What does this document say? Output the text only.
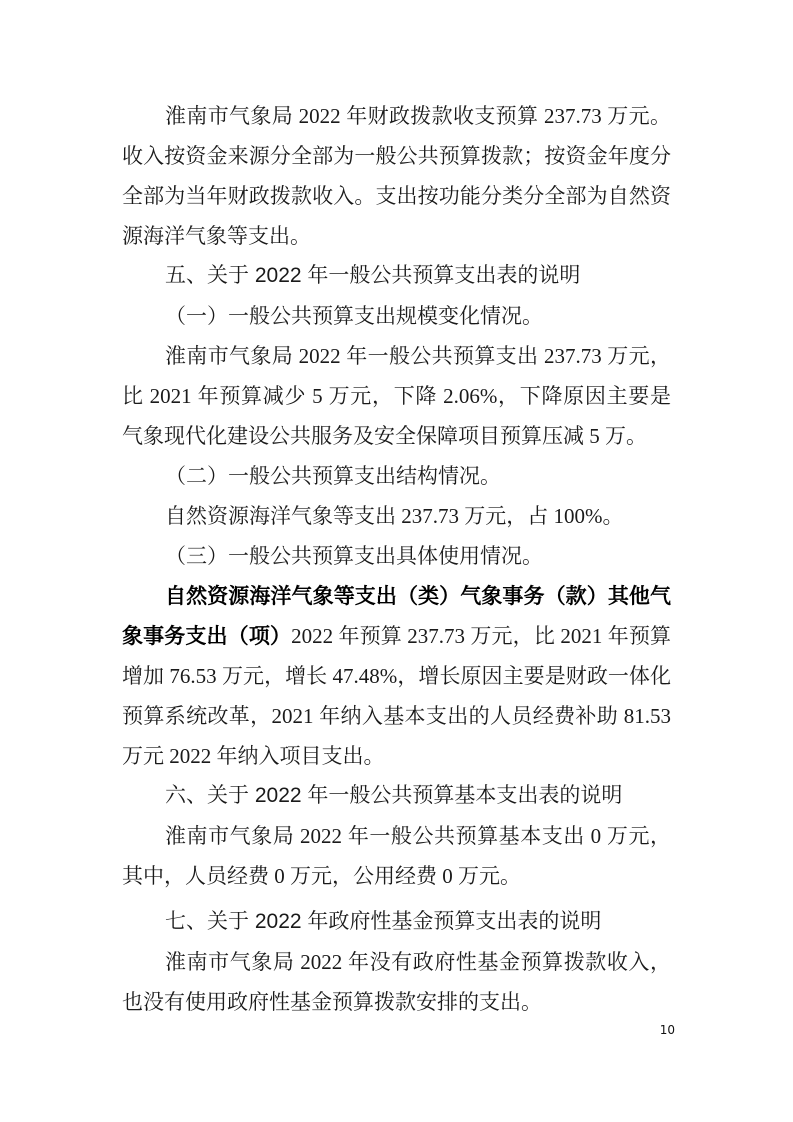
淮南市气象局 2022 年财政拨款收支预算 237.73 万元。收入按资金来源分全部为一般公共预算拨款；按资金年度分全部为当年财政拨款收入。支出按功能分类分全部为自然资源海洋气象等支出。

五、关于 2022 年一般公共预算支出表的说明
（一）一般公共预算支出规模变化情况。

淮南市气象局 2022 年一般公共预算支出 237.73 万元，比 2021 年预算减少 5 万元，下降 2.06%，下降原因主要是气象现代化建设公共服务及安全保障项目预算压减 5 万。

（二）一般公共预算支出结构情况。

自然资源海洋气象等支出 237.73 万元，占 100%。

（三）一般公共预算支出具体使用情况。

自然资源海洋气象等支出（类）气象事务（款）其他气象事务支出（项）2022 年预算 237.73 万元，比 2021 年预算增加 76.53 万元，增长 47.48%，增长原因主要是财政一体化预算系统改革，2021 年纳入基本支出的人员经费补助 81.53 万元 2022 年纳入项目支出。

六、关于 2022 年一般公共预算基本支出表的说明

淮南市气象局 2022 年一般公共预算基本支出 0 万元，其中，人员经费 0 万元，公用经费 0 万元。

七、关于 2022 年政府性基金预算支出表的说明

淮南市气象局 2022 年没有政府性基金预算拨款收入，也没有使用政府性基金预算拨款安排的支出。

10
